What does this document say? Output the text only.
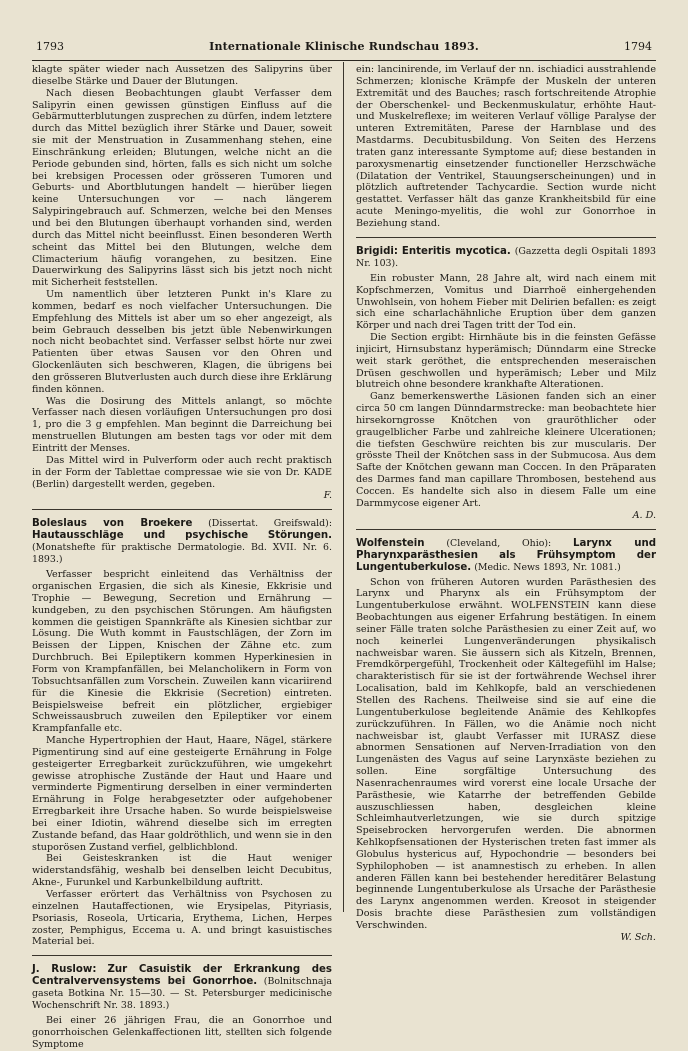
1793	Internationale Klinische Rundschau 1893.	1794

klagte später wieder nach Aussetzen des Salipyrins über dieselbe Stärke und Dauer der Blutungen.

Nach diesen Beobachtungen glaubt Verfasser dem Salipyrin einen gewissen günstigen Einfluss auf die Gebärmutterblutungen zusprechen zu dürfen, indem letztere durch das Mittel bezüglich ihrer Stärke und Dauer, soweit sie mit der Menstruation in Zusammenhang stehen, eine Einschränkung erleiden; Blutungen, welche nicht an die Periode gebunden sind, hörten, falls es sich nicht um solche bei krebsigen Processen oder grösseren Tumoren und Geburts- und Abortblutungen handelt — hierüber liegen keine Untersuchungen vor — nach längerem Salypiringebrauch auf. Schmerzen, welche bei den Menses und bei den Blutungen überhaupt vorhanden sind, werden durch das Mittel nicht beeinflusst. Einen besonderen Werth scheint das Mittel bei den Blutungen, welche dem Climacterium häufig vorangehen, zu besitzen. Eine Dauerwirkung des Salipyrins lässt sich bis jetzt noch nicht mit Sicherheit feststellen.

Um namentlich über letzteren Punkt in's Klare zu kommen, bedarf es noch vielfacher Untersuchungen. Die Empfehlung des Mittels ist aber um so eher angezeigt, als beim Gebrauch desselben bis jetzt üble Nebenwirkungen noch nicht beobachtet sind. Verfasser selbst hörte nur zwei Patienten über etwas Sausen vor den Ohren und Glockenläuten sich beschweren, Klagen, die übrigens bei den grösseren Blutverlusten auch durch diese ihre Erklärung finden können.

Was die Dosirung des Mittels anlangt, so möchte Verfasser nach diesen vorläufigen Untersuchungen pro dosi 1, pro die 3 g empfehlen. Man beginnt die Darreichung bei menstruellen Blutungen am besten tags vor oder mit dem Eintritt der Menses.

Das Mittel wird in Pulverform oder auch recht praktisch in der Form der Tablettae compressae wie sie von Dr. KADE (Berlin) dargestellt werden, gegeben.

F.

Boleslaus von Broekere (Dissertat. Greifswald): Hautausschläge und psychische Störungen. (Monatshefte für praktische Dermatologie. Bd. XVII. Nr. 6. 1893.)

Verfasser bespricht einleitend das Verhältniss der organischen Ergasien, die sich als Kinesie, Ekkrisie und Trophie — Bewegung, Secretion und Ernährung — kundgeben, zu den psychischen Störungen. Am häufigsten kommen die geistigen Spannkräfte als Kinesien sichtbar zur Lösung. Die Wuth kommt in Faustschlägen, der Zorn im Beissen der Lippen, Knischen der Zähne etc. zum Durchbruch. Bei Epileptikern kommen Hyperkinesien in Form von Krampfanfällen, bei Melancholikern in Form von Tobsuchtsanfällen zum Vorschein. Zuweilen kann vicariirend für die Kinesie die Ekkrisie (Secretion) eintreten. Beispielsweise befreit ein plötzlicher, ergiebiger Schweissausbruch zuweilen den Epileptiker vor einem Krampfanfalle etc.

Manche Hypertrophien der Haut, Haare, Nägel, stärkere Pigmentirung sind auf eine gesteigerte Ernährung in Folge gesteigerter Erregbarkeit zurückzuführen, wie umgekehrt gewisse atrophische Zustände der Haut und Haare und verminderte Pigmentirung derselben in einer verminderten Ernährung in Folge herabgesetzter oder aufgehobener Erregbarkeit ihre Ursache haben. So wurde beispielsweise bei einer Idiotin, während dieselbe sich im erregten Zustande befand, das Haar goldröthlich, und wenn sie in den stuporösen Zustand verfiel, gelblichblond.

Bei Geisteskranken ist die Haut weniger widerstandsfähig, weshalb bei denselben leicht Decubitus, Akne-, Furunkel und Karbunkelbildung auftritt.

Verfasser erörtert das Verhältniss von Psychosen zu einzelnen Hautaffectionen, wie Erysipelas, Pityriasis, Psoriasis, Roseola, Urticaria, Erythema, Lichen, Herpes zoster, Pemphigus, Eccema u. A. und bringt kasuistisches Material bei.

J. Ruslow: Zur Casuistik der Erkrankung des Centralvervensystems bei Gonorrhoe. (Bolnitschnaja gaseta Botkina Nr. 15—30. — St. Petersburger medicinische Wochenschrift Nr. 38. 1893.)

Bei einer 26 jährigen Frau, die an Gonorrhoe und gonorrhoischen Gelenkaffectionen litt, stellten sich folgende Symptome

ein: lancinirende, im Verlauf der nn. ischiadici ausstrahlende Schmerzen; klonische Krämpfe der Muskeln der unteren Extremität und des Bauches; rasch fortschreitende Atrophie der Oberschenkel- und Beckenmuskulatur, erhöhte Haut- und Muskelreflexe; im weiteren Verlauf völlige Paralyse der unteren Extremitäten, Parese der Harnblase und des Mastdarms. Decubitusbildung. Von Seiten des Herzens traten ganz interessante Symptome auf; diese bestanden in paroxysmenartig einsetzender functioneller Herzschwäche (Dilatation der Ventrikel, Stauungserscheinungen) und in plötzlich auftretender Tachycardie. Section wurde nicht gestattet. Verfasser hält das ganze Krankheitsbild für eine acute Meningo-myelitis, die wohl zur Gonorrhoe in Beziehung stand.

Brigidi: Enteritis mycotica. (Gazzetta degli Ospitali 1893 Nr. 103).

Ein robuster Mann, 28 Jahre alt, wird nach einem mit Kopfschmerzen, Vomitus und Diarrhoë einhergehenden Unwohlsein, von hohem Fieber mit Delirien befallen: es zeigt sich eine scharlachähnliche Eruption über dem ganzen Körper und nach drei Tagen tritt der Tod ein.

Die Section ergibt: Hirnhäute bis in die feinsten Gefässe injicirt, Hirnsubstanz hyperämisch; Dünndarm eine Strecke weit stark geröthet, die entsprechenden meseraischen Drüsen geschwollen und hyperämisch; Leber und Milz blutreich ohne besondere krankhafte Alterationen.

Ganz bemerkenswerthe Läsionen fanden sich an einer circa 50 cm langen Dünndarmstrecke: man beobachtete hier hirsekorngrosse Knötchen von grauröthlicher oder graugelblicher Farbe und zahlreiche kleinere Ulcerationen; die tiefsten Geschwüre reichten bis zur muscularis. Der grösste Theil der Knötchen sass in der Submucosa. Aus dem Safte der Knötchen gewann man Coccen. In den Präparaten des Darmes fand man capillare Thrombosen, bestehend aus Coccen. Es handelte sich also in diesem Falle um eine Darmmycose eigener Art.

A. D.

Wolfenstein (Cleveland, Ohio): Larynx und Pharynxparästhesien als Frühsymptom der Lungentuberkulose. (Medic. News 1893, Nr. 1081.)

Schon von früheren Autoren wurden Parästhesien des Larynx und Pharynx als ein Frühsymptom der Lungentuberkulose erwähnt. WOLFENSTEIN kann diese Beobachtungen aus eigener Erfahrung bestätigen. In einem seiner Fälle traten solche Parästhesien zu einer Zeit auf, wo noch keinerlei Lungenveränderungen physikalisch nachweisbar waren. Sie äussern sich als Kitzeln, Brennen, Fremdkörpergefühl, Trockenheit oder Kältegefühl im Halse; charakteristisch für sie ist der fortwährende Wechsel ihrer Localisation, bald im Kehlkopfe, bald an verschiedenen Stellen des Rachens. Theilweise sind sie auf eine die Lungentuberkulose begleitende Anämie des Kehlkopfes zurückzuführen. In Fällen, wo die Anämie noch nicht nachweisbar ist, glaubt Verfasser mit IURASZ diese abnormen Sensationen auf Nerven-Irradiation von den Lungenästen des Vagus auf seine Larynxäste beziehen zu sollen. Eine sorgfältige Untersuchung des Nasenrachenraumes wird vorerst eine locale Ursache der Parästhesie, wie Katarrhe der betreffenden Gebilde auszuschliessen haben, desgleichen kleine Schleimhautverletzungen, wie sie durch spitzige Speisebrocken hervorgerufen werden. Die abnormen Kehlkopfsensationen der Hysterischen treten fast immer als Globulus hystericus auf, Hypochondrie — besonders bei Syphilophoben — ist anamnestisch zu erheben. In allen anderen Fällen kann bei bestehender hereditärer Belastung beginnende Lungentuberkulose als Ursache der Parästhesie des Larynx angenommen werden. Kreosot in steigender Dosis brachte diese Parästhesien zum vollständigen Verschwinden.

W. Sch.
